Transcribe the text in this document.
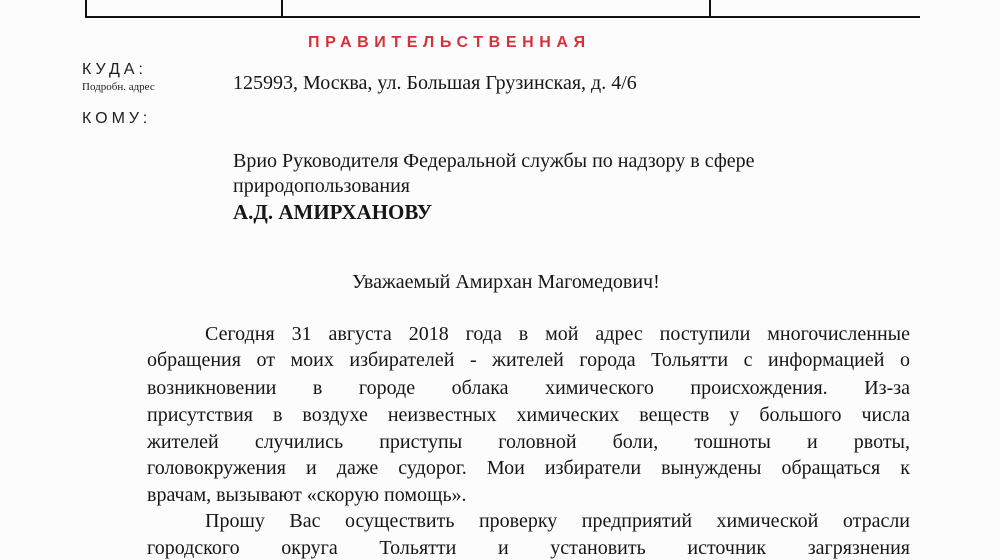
ПРАВИТЕЛЬСТВЕННАЯ
КУДА:
Подробн. адрес	125993, Москва, ул. Большая Грузинская, д. 4/6
КОМУ:
Врио Руководителя Федеральной службы по надзору в сфере
природопользования
А.Д. АМИРХАНОВУ
Уважаемый Амирхан Магомедович!
Сегодня 31 августа 2018 года в мой адрес поступили многочисленные
обращения от моих избирателей - жителей города Тольятти с информацией о
возникновении в городе облака химического происхождения. Из-за
присутствия в воздухе неизвестных химических веществ у большого числа
жителей случились приступы головной боли, тошноты и рвоты,
головокружения и даже судорог. Мои избиратели вынуждены обращаться к
врачам, вызывают «скорую помощь».
Прошу Вас осуществить проверку предприятий химической отрасли
городского округа Тольятти и установить источник загрязнения
